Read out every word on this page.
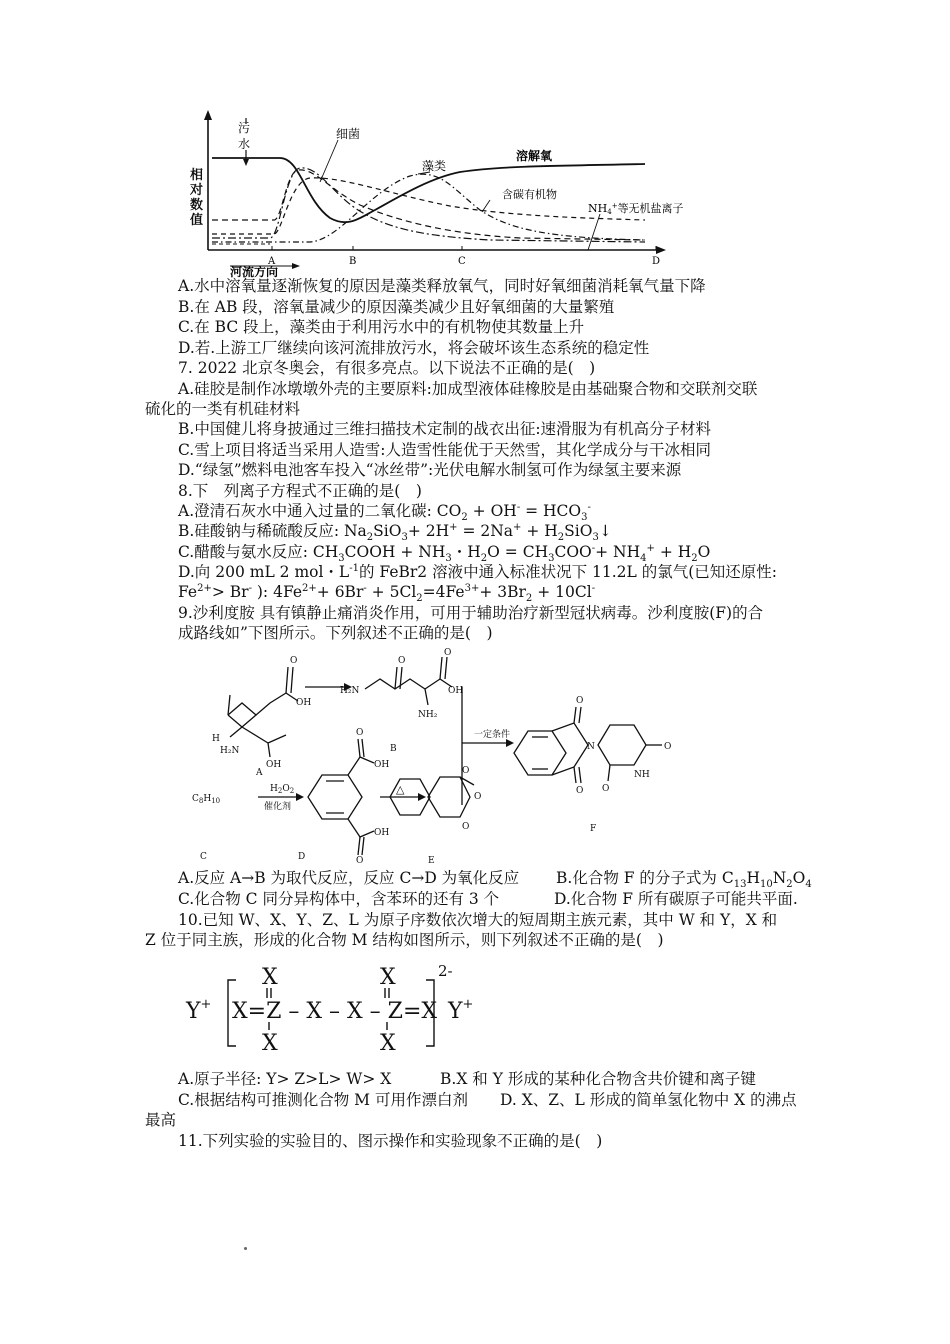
污
水
细菌
藻类
溶解氧
含碳有机物
NH4+等无机盐离子
A	B	C	D
河流方向
相
对
数
值
A.水中溶氧量逐渐恢复的原因是藻类释放氧气，同时好氧细菌消耗氧气量下降
B.在 AB 段，溶氧量减少的原因藻类减少且好氧细菌的大量繁殖
C.在 BC 段上，藻类由于利用污水中的有机物使其数量上升
D.若.上游工厂继续向该河流排放污水，将会破坏该生态系统的稳定性
7. 2022 北京冬奥会，有很多亮点。以下说法不正确的是(　)
A.硅胶是制作冰墩墩外壳的主要原料:加成型液体硅橡胶是由基础聚合物和交联剂交联
硫化的一类有机硅材料
B.中国健儿将身披通过三维扫描技术定制的战衣出征:速滑服为有机高分子材料
C.雪上项目将适当采用人造雪:人造雪性能优于天然雪，其化学成分与干冰相同
D.“绿氢”燃料电池客车投入“冰丝带”:光伏电解水制氢可作为绿氢主要来源
8.下　列离子方程式不正确的是(　)
A.澄清石灰水中通入过量的二氧化碳: $CO_2 + OH^- = HCO_3^-$
B.硅酸钠与稀硫酸反应: $Na_2SiO_3+ 2H^+ = 2Na^+$ + $H_2SiO_3↓$
C.醋酸与氨水反应: $CH_3COOH + NH_3$・$H_2O = CH_3COO^-+ NH_4^+ + H_2O$
D.向 200 mL 2 mol・$L^{-1}$的 FeBr2 溶液中通入标准状况下 11.2L 的氯气(已知还原性:
$Fe^{2+}> Br^-$ ): $4Fe^{2+}+ 6Br^- + 5Cl_2=4Fe^{3+}+ 3Br_2 + 10Cl^-$
9.沙利度胺 具有镇静止痛消炎作用，可用于辅助治疗新型冠状病毒。沙利度胺(F)的合
成路线如”下图所示。下列叙述不正确的是(　)
O
OH
H
H₂N
OH
A
H₂N
O
O
OH
NH₂
B
一定条件
$C_8H_{10}$
$H_2O_2$
催化剂
C
O
OH
O
OH
D
△
O
O
O
E
O
N
O
O
NH
O
F
A.反应 A→B 为取代反应，反应 C→D 为氧化反应 B.化合物 F 的分子式为 $C_{13}H_{10}N_2O_4$
C.化合物 C 同分异构体中，含苯环的还有 3 个	D.化合物 F 所有碳原子可能共平面.
10.已知 W、X、Y、Z、L 为原子序数依次增大的短周期主族元素，其中 W 和 Y，X 和
Z 位于同主族，形成的化合物 M 结构如图所示，则下列叙述不正确的是(　)
Y+ X=Z – X – X – Z=X
X
X
X
X
Y+
2-
A.原子半径: Y> Z>L> W> X	B.X 和 Y 形成的某种化合物含共价键和离子键
C.根据结构可推测化合物 M 可用作漂白剂 D. X、Z、L 形成的简单氢化物中 X 的沸点
最高
11.下列实验的实验目的、图示操作和实验现象不正确的是(　)
